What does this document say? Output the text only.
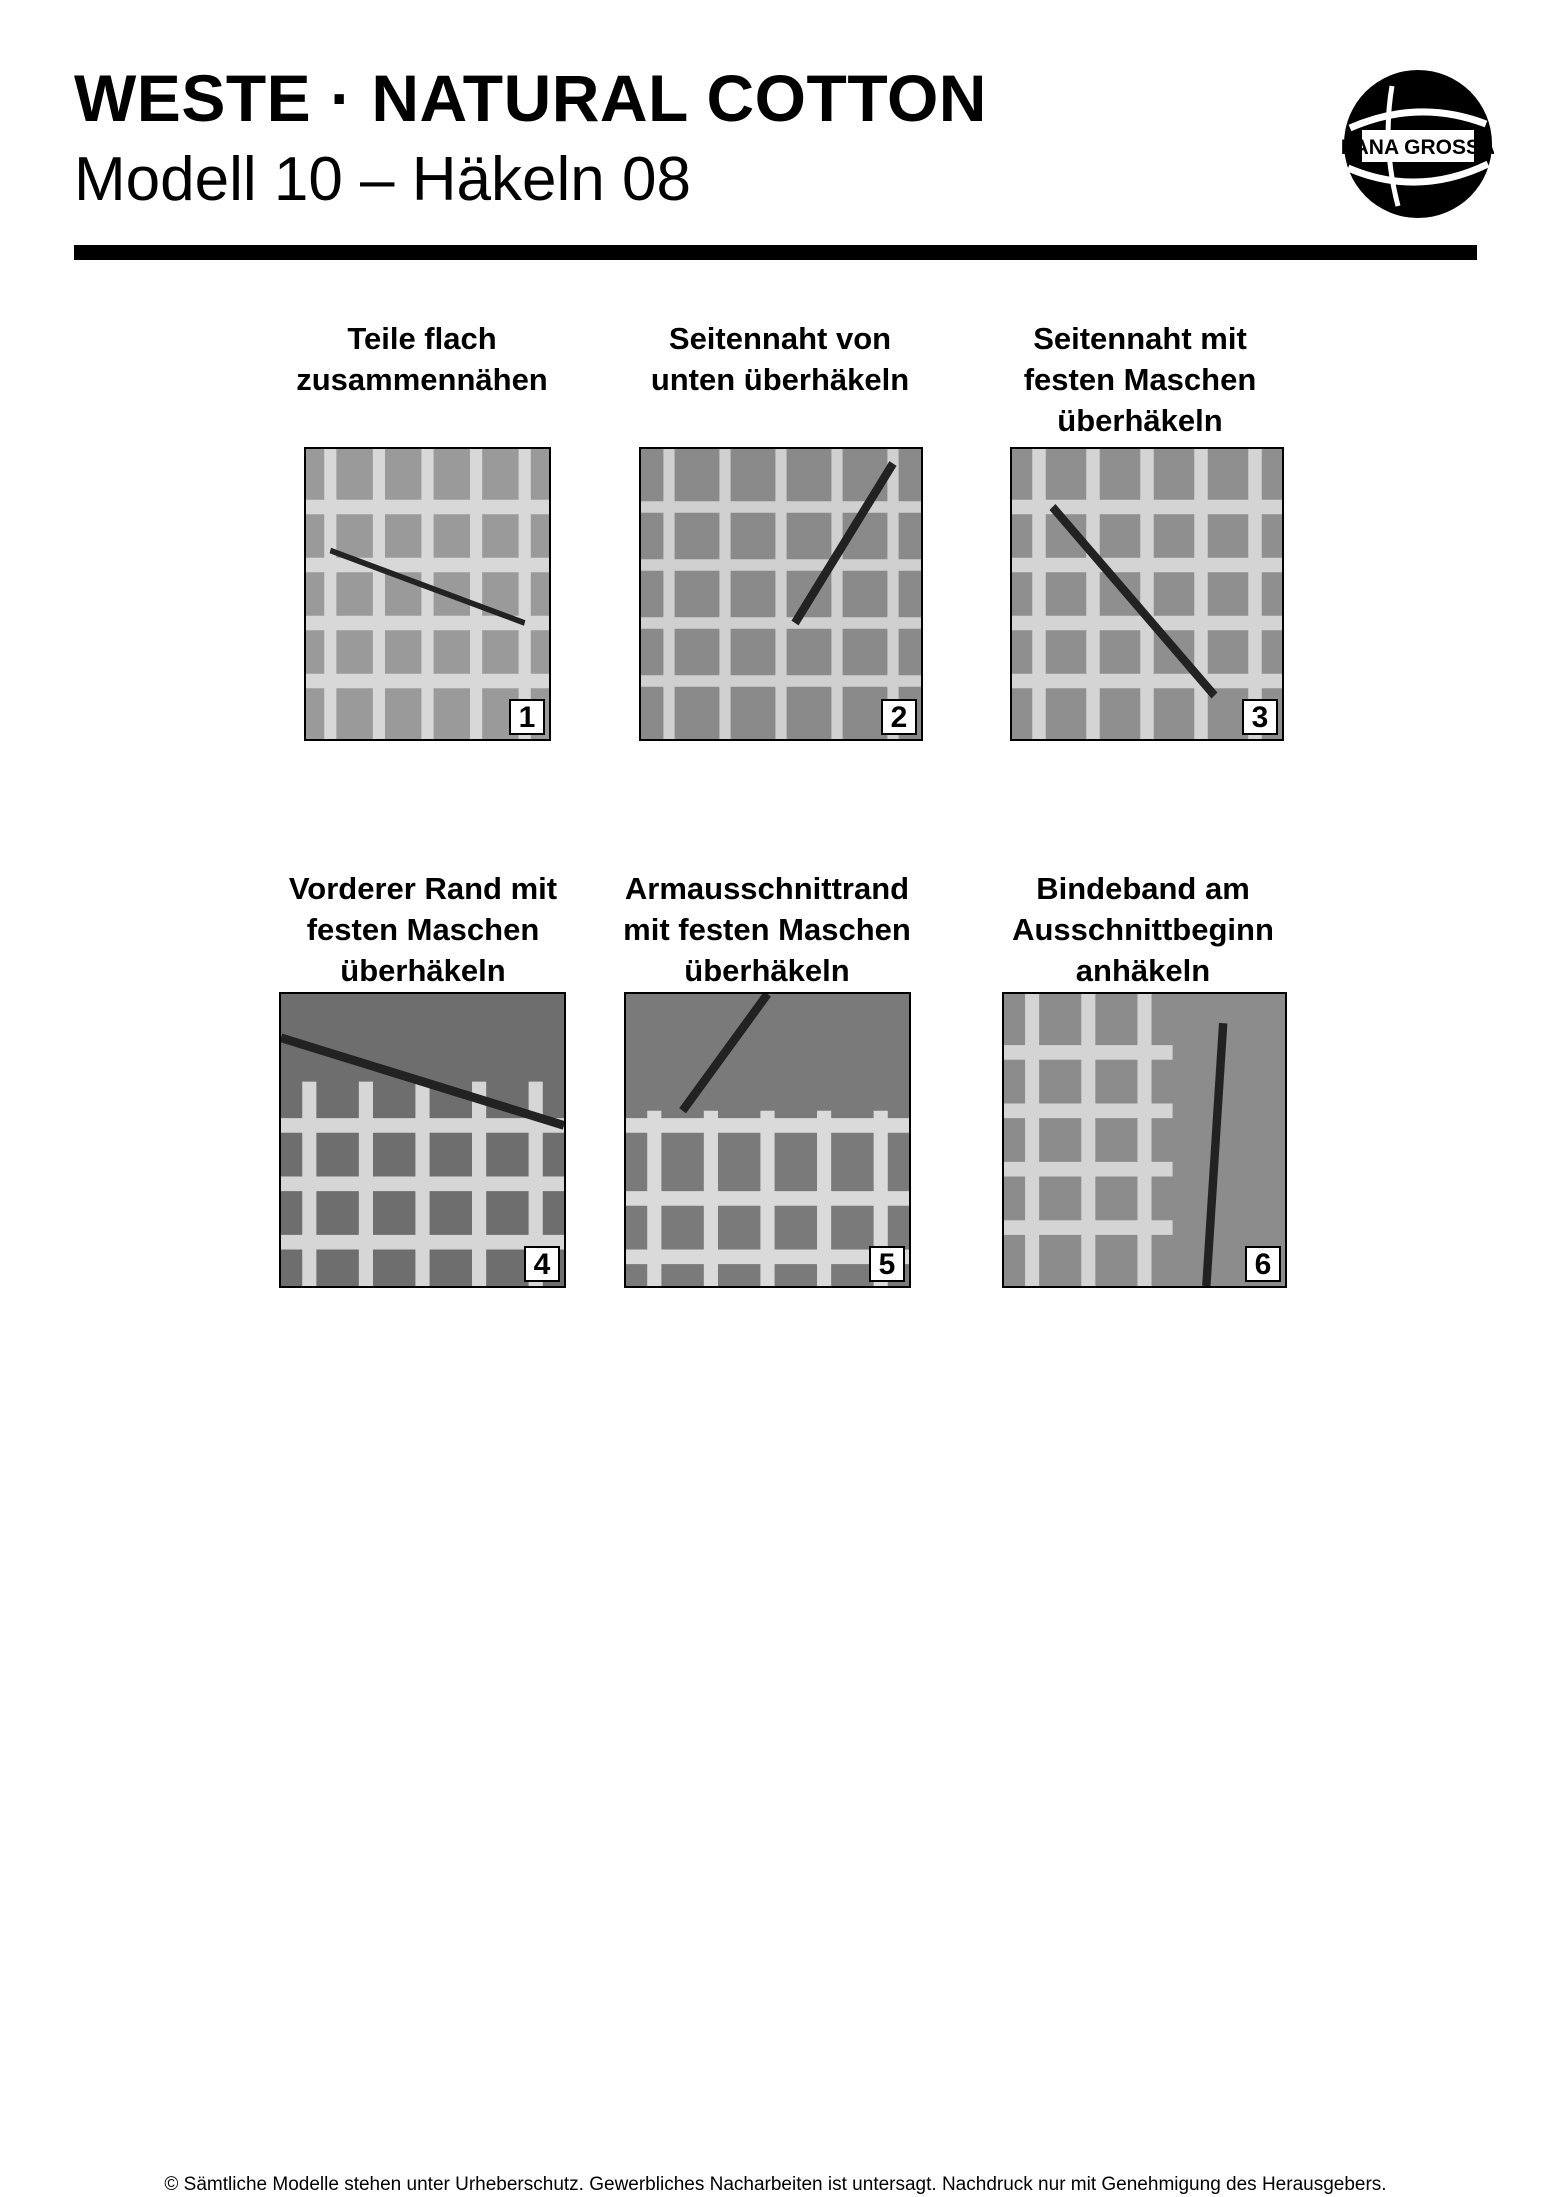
WESTE · NATURAL COTTON
Modell 10 – Häkeln 08	LANA GROSSA
Teile flach
zusammennähen
1
Seitennaht von
unten überhäkeln
2
Seitennaht mit
festen Maschen
überhäkeln
3
Vorderer Rand mit
festen Maschen
überhäkeln
4
Armausschnittrand
mit festen Maschen
überhäkeln
5
Bindeband am
Ausschnittbeginn
anhäkeln
6
© Sämtliche Modelle stehen unter Urheberschutz. Gewerbliches Nacharbeiten ist untersagt. Nachdruck nur mit Genehmigung des Herausgebers.
